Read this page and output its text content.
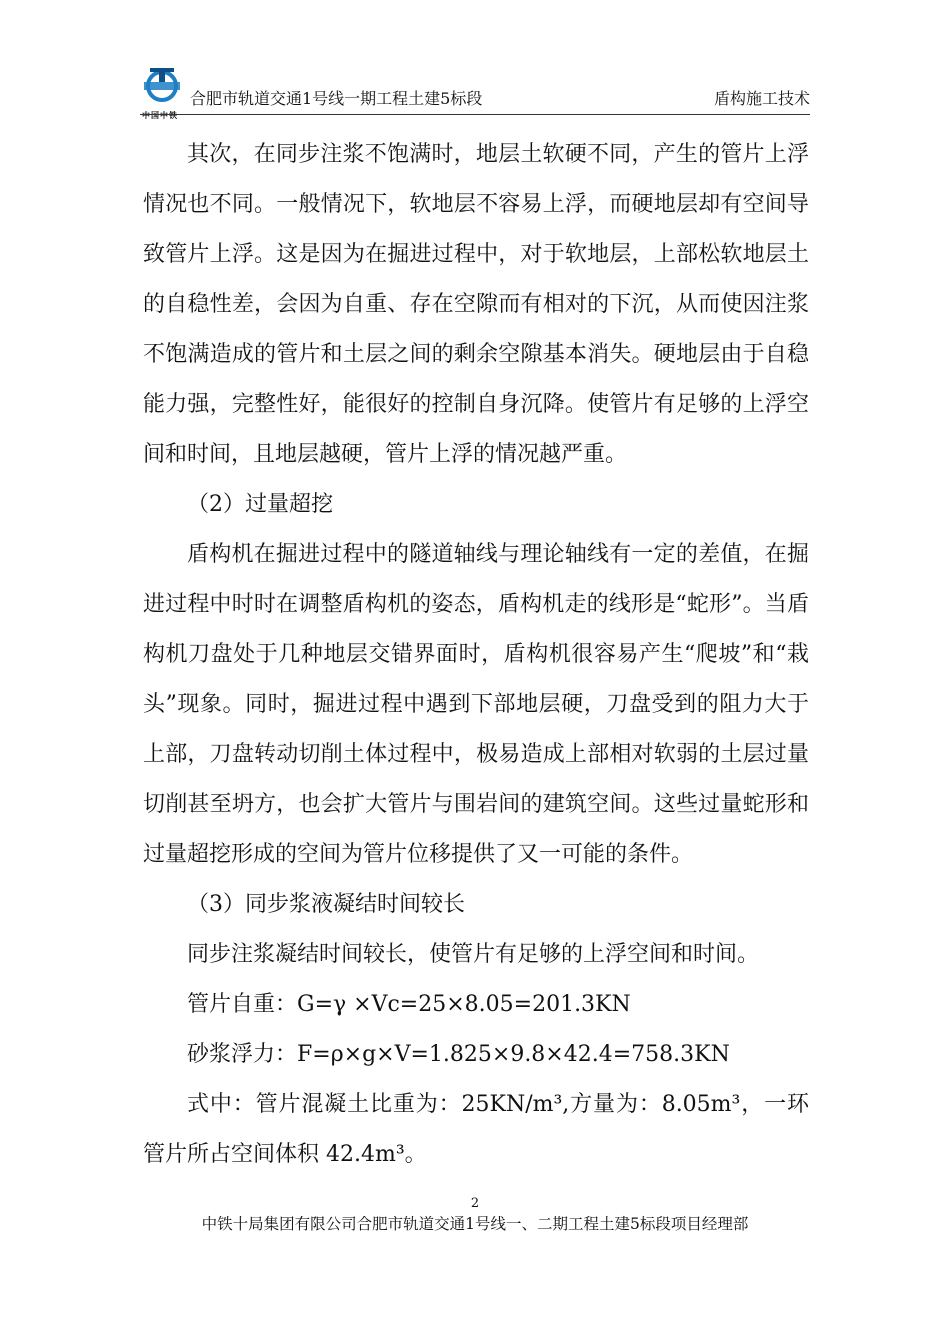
中国中铁
合肥市轨道交通1号线一期工程土建5标段	盾构施工技术

其次，在同步注浆不饱满时，地层土软硬不同，产生的管片上浮情况也不同。一般情况下，软地层不容易上浮，而硬地层却有空间导致管片上浮。这是因为在掘进过程中，对于软地层，上部松软地层土的自稳性差，会因为自重、存在空隙而有相对的下沉，从而使因注浆不饱满造成的管片和土层之间的剩余空隙基本消失。硬地层由于自稳能力强，完整性好，能很好的控制自身沉降。使管片有足够的上浮空间和时间，且地层越硬，管片上浮的情况越严重。

（2）过量超挖

盾构机在掘进过程中的隧道轴线与理论轴线有一定的差值，在掘进过程中时时在调整盾构机的姿态，盾构机走的线形是“蛇形”。当盾构机刀盘处于几种地层交错界面时，盾构机很容易产生“爬坡”和“栽头”现象。同时，掘进过程中遇到下部地层硬，刀盘受到的阻力大于上部，刀盘转动切削土体过程中，极易造成上部相对软弱的土层过量切削甚至坍方，也会扩大管片与围岩间的建筑空间。这些过量蛇形和过量超挖形成的空间为管片位移提供了又一可能的条件。

（3）同步浆液凝结时间较长

同步注浆凝结时间较长，使管片有足够的上浮空间和时间。

管片自重：G=γ ×Vc=25×8.05=201.3KN

砂浆浮力：F=ρ×g×V=1.825×9.8×42.4=758.3KN

式中：管片混凝土比重为：25KN/m³,方量为：8.05m³，一环管片所占空间体积 42.4m³。

2
中铁十局集团有限公司合肥市轨道交通1号线一、二期工程土建5标段项目经理部
